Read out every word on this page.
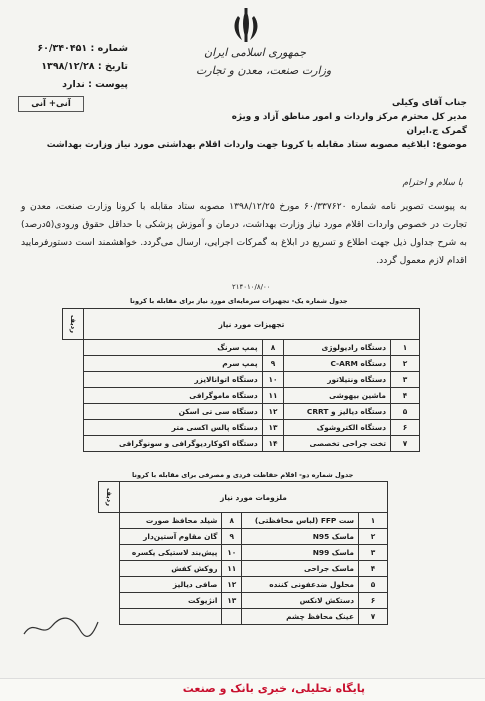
جمهوری اسلامی ایران
وزارت صنعت، معدن و تجارت
شماره : ۶۰/۳۴۰۴۵۱
تاریخ : ۱۳۹۸/۱۲/۲۸
پیوست : ندارد
آنی+ آنی	جناب آقای وکیلی
مدیر کل محترم مرکز واردات و امور مناطق آزاد و ویژه
گمرک ج.ایران
موضوع: ابلاغیه مصوبه ستاد مقابله با کرونا جهت واردات اقلام بهداشتی مورد نیاز وزارت بهداشت
با سلام و احترام
به پیوست تصویر نامه شماره ۶۰/۳۳۷۶۲۰ مورخ ۱۳۹۸/۱۲/۲۵ مصوبه ستاد مقابله با کرونا وزارت صنعت، معدن و تجارت در خصوص واردات اقلام مورد نیاز وزارت بهداشت، درمان و آموزش پزشکی با حداقل حقوق ورودی(۵درصد) به شرح جداول ذیل جهت اطلاع و تسریع در ابلاغ به گمرکات اجرایی، ارسال می‌گردد. خواهشمند است دستورفرمایید اقدام لازم معمول گردد.
۲۱۴۰۱۰/۸/۰۰
جدول شماره یک- تجهیزات سرمایه‌ای مورد نیاز برای مقابله با کرونا
تجهیزات مورد نیاز				ردیف
۱	دستگاه رادیولوژی	۸	پمپ سرنگ	
۲	دستگاه C-ARM	۹	پمپ سرم	
۳	دستگاه ونتیلاتور	۱۰	دستگاه اتوانالایزر	
۴	ماشین بیهوشی	۱۱	دستگاه ماموگرافی	
۵	دستگاه دیالیز و CRRT	۱۲	دستگاه سی تی اسکن	
۶	دستگاه الکتروشوک	۱۳	دستگاه پالس اکسی متر	
۷	تخت جراحی تخصصی	۱۴	دستگاه اکوکاردیوگرافی و سونوگرافی	
جدول شماره دو- اقلام حفاظت فردی و مصرفی برای مقابله با کرونا
ملزومات مورد نیاز				ردیف
۱	ست FFP (لباس محافظتی)	۸	شیلد محافظ صورت	
۲	ماسک N95	۹	گان مقاوم آستین‌دار	
۳	ماسک N99	۱۰	پیش‌بند لاستیکی یکسره	
۴	ماسک جراحی	۱۱	روکش کفش	
۵	محلول ضدعفونی کننده	۱۲	صافی دیالیز	
۶	دستکش لانکس	۱۳	انژیوکت	
۷	عینک محافظ چشم			
پایگاه تحلیلی، خبری بانک و صنعت
